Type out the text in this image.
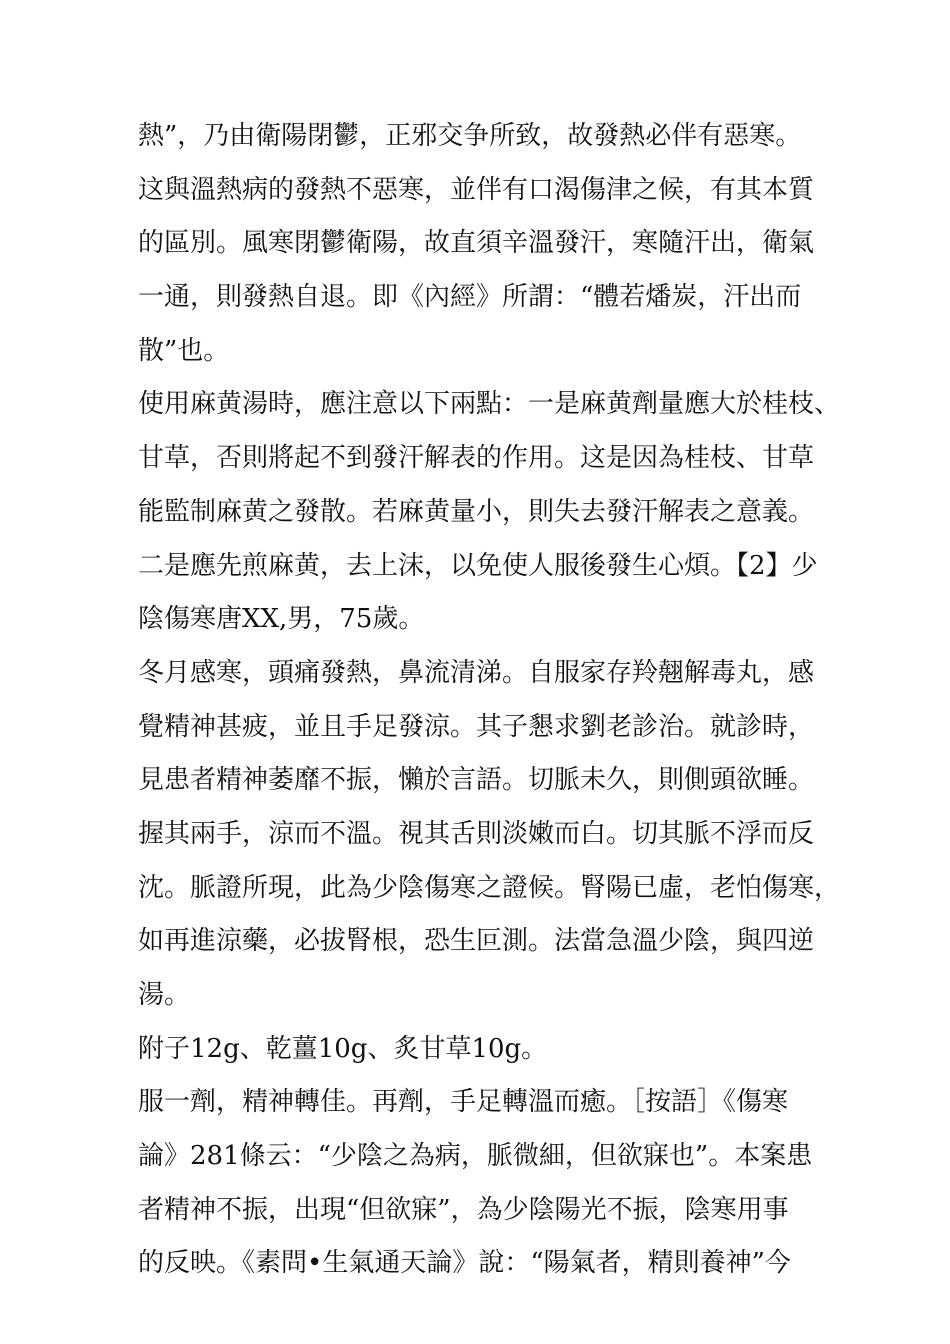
熱”，乃由衛陽閉鬱，正邪交争所致，故發熱必伴有惡寒。
这與溫熱病的發熱不惡寒，並伴有口渴傷津之候，有其本質
的區別。風寒閉鬱衛陽，故直須辛溫發汗，寒隨汗出，衛氣
一通，則發熱自退。即《內經》所謂：“體若燔炭，汗出而
散”也。
使用麻黄湯時，應注意以下兩點：一是麻黄劑量應大於桂枝、
甘草，否則將起不到發汗解表的作用。这是因為桂枝、甘草
能監制麻黄之發散。若麻黄量小，則失去發汗解表之意義。
二是應先煎麻黄，去上沫，以免使人服後發生心煩。【2】少
陰傷寒唐XX,男，75歲。
冬月感寒，頭痛發熱，鼻流清涕。自服家存羚翹解毒丸，感
覺精神甚疲，並且手足發涼。其子懇求劉老診治。就診時，
見患者精神萎靡不振，懶於言語。切脈未久，則側頭欲睡。
握其兩手，涼而不溫。視其舌則淡嫩而白。切其脈不浮而反
沈。脈證所現，此為少陰傷寒之證候。腎陽已虛，老怕傷寒，
如再進涼藥，必拔腎根，恐生叵測。法當急溫少陰，與四逆
湯。
附子12g、乾薑10g、炙甘草10g。
服一劑，精神轉佳。再劑，手足轉溫而癒。［按語］《傷寒
論》281條云：“少陰之為病，脈微細，但欲寐也”。本案患
者精神不振，出現“但欲寐”，為少陰陽光不振，陰寒用事
的反映。《素問•生氣通天論》說：“陽氣者，精則養神”今
